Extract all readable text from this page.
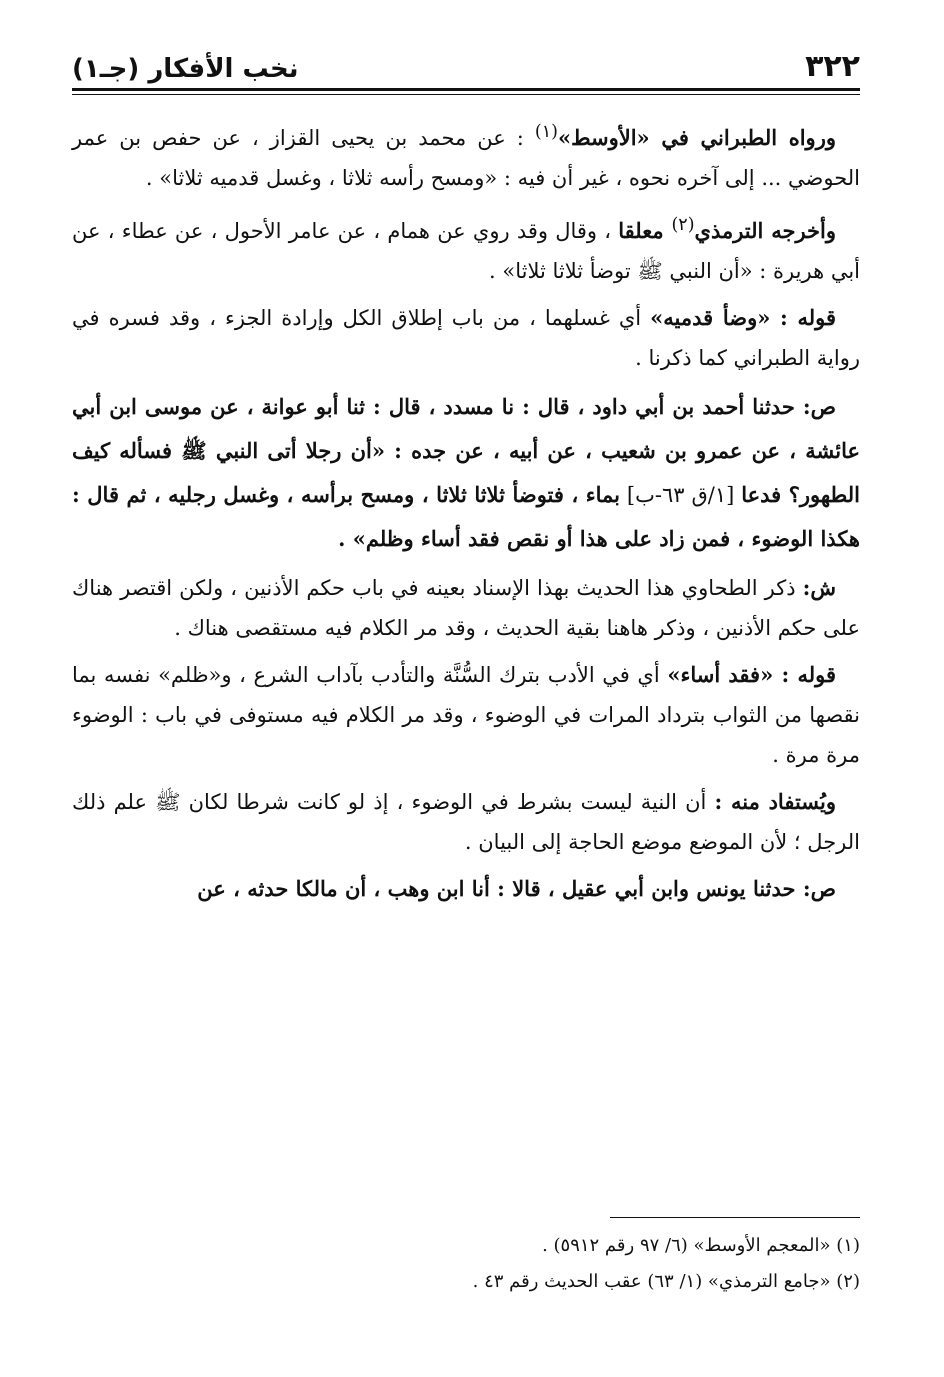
٣٢٢
نخب الأفكار (جـ١)

ورواه الطبراني في «الأوسط»$^{(١)}$ : عن محمد بن يحيى القزاز ، عن حفص بن عمر الحوضي ... إلى آخره نحوه ، غير أن فيه : «ومسح رأسه ثلاثا ، وغسل قدميه ثلاثا» .

وأخرجه الترمذي$^{(٢)}$ معلقا ، وقال وقد روي عن همام ، عن عامر الأحول ، عن عطاء ، عن أبي هريرة : «أن النبي ﷺ توضأ ثلاثا ثلاثا» .

قوله : «وضأ قدميه» أي غسلهما ، من باب إطلاق الكل وإرادة الجزء ، وقد فسره في رواية الطبراني كما ذكرنا .

ص: حدثنا أحمد بن أبي داود ، قال : نا مسدد ، قال : ثنا أبو عوانة ، عن موسى ابن أبي عائشة ، عن عمرو بن شعيب ، عن أبيه ، عن جده : «أن رجلا أتى النبي ﷺ فسأله كيف الطهور؟ فدعا [١/ق ٦٣-ب] بماء ، فتوضأ ثلاثا ثلاثا ، ومسح برأسه ، وغسل رجليه ، ثم قال : هكذا الوضوء ، فمن زاد على هذا أو نقص فقد أساء وظلم» .

ش: ذكر الطحاوي هذا الحديث بهذا الإسناد بعينه في باب حكم الأذنين ، ولكن اقتصر هناك على حكم الأذنين ، وذكر هاهنا بقية الحديث ، وقد مر الكلام فيه مستقصى هناك .

قوله : «فقد أساء» أي في الأدب بترك السُّنَّة والتأدب بآداب الشرع ، و«ظلم» نفسه بما نقصها من الثواب بترداد المرات في الوضوء ، وقد مر الكلام فيه مستوفى في باب : الوضوء مرة مرة .

ويُستفاد منه : أن النية ليست بشرط في الوضوء ، إذ لو كانت شرطا لكان ﷺ علم ذلك الرجل ؛ لأن الموضع موضع الحاجة إلى البيان .

ص: حدثنا يونس وابن أبي عقيل ، قالا : أنا ابن وهب ، أن مالكا حدثه ، عن

(١) «المعجم الأوسط» (٦/ ٩٧ رقم ٥٩١٢) .
(٢) «جامع الترمذي» (١/ ٦٣) عقب الحديث رقم ٤٣ .
